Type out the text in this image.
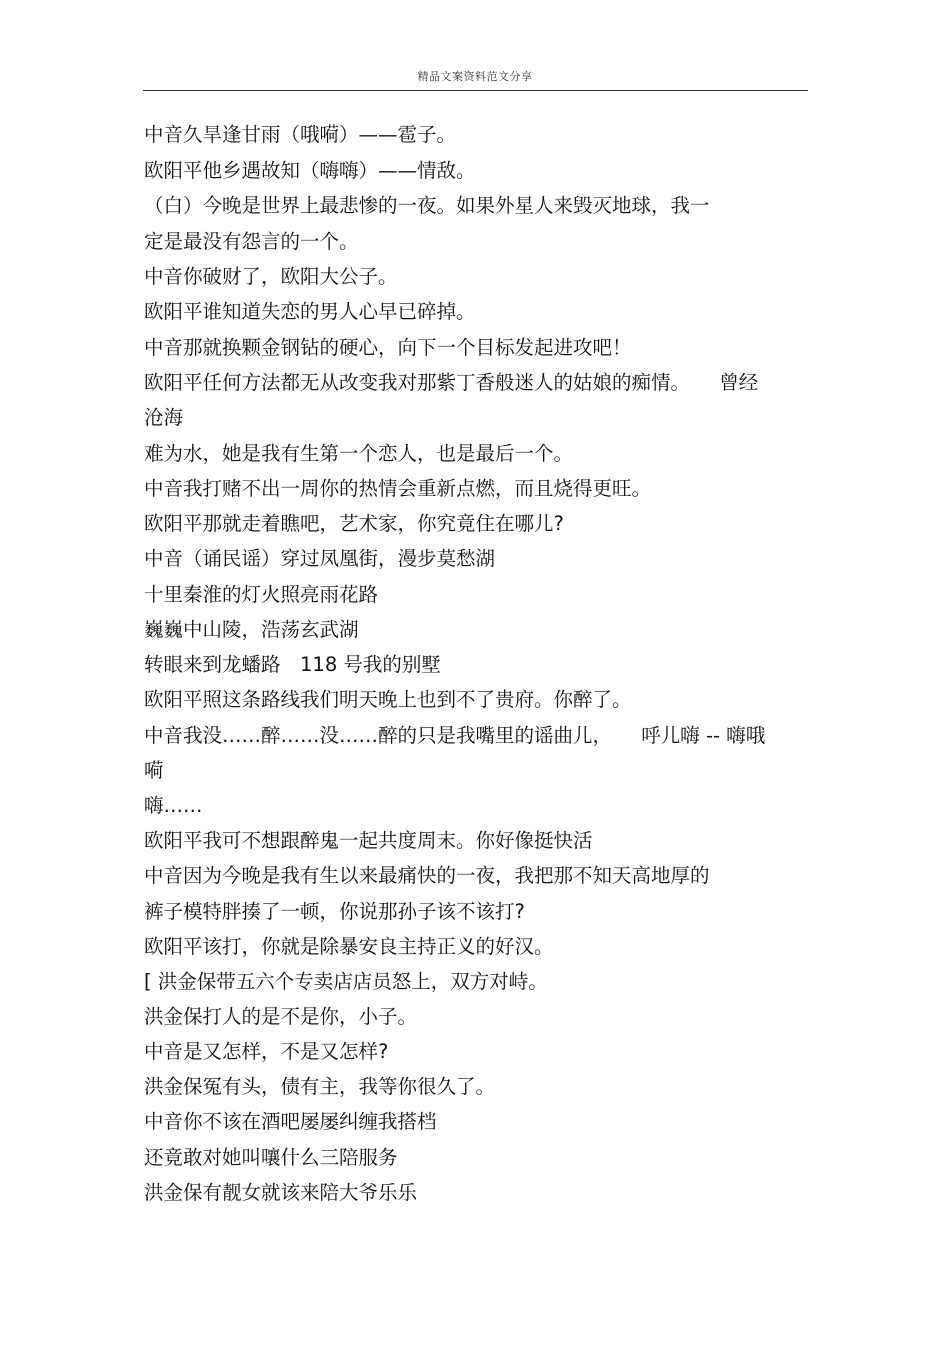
精品文案资料范文分享
中音久旱逢甘雨（哦嗬）——雹子。
欧阳平他乡遇故知（嗨嗨）——情敌。
（白）今晚是世界上最悲惨的一夜。如果外星人来毁灭地球，我一
定是最没有怨言的一个。
中音你破财了，欧阳大公子。
欧阳平谁知道失恋的男人心早已碎掉。
中音那就换颗金钢钻的硬心，向下一个目标发起进攻吧！
欧阳平任何方法都无从改变我对那紫丁香般迷人的姑娘的痴情。　　曾经
沧海
难为水，她是我有生第一个恋人，也是最后一个。
中音我打赌不出一周你的热情会重新点燃，而且烧得更旺。
欧阳平那就走着瞧吧，艺术家，你究竟住在哪儿?
中音（诵民谣）穿过凤凰街，漫步莫愁湖
十里秦淮的灯火照亮雨花路
巍巍中山陵，浩荡玄武湖
转眼来到龙蟠路　118 号我的别墅
欧阳平照这条路线我们明天晚上也到不了贵府。你醉了。
中音我没……醉……没……醉的只是我嘴里的谣曲儿，　　呼儿嗨 -- 嗨哦
嗬
嗨……
欧阳平我可不想跟醉鬼一起共度周末。你好像挺快活
中音因为今晚是我有生以来最痛快的一夜，我把那不知天高地厚的
裤子模特胖揍了一顿，你说那孙子该不该打?
欧阳平该打，你就是除暴安良主持正义的好汉。
[ 洪金保带五六个专卖店店员怒上，双方对峙。
洪金保打人的是不是你，小子。
中音是又怎样，不是又怎样?
洪金保冤有头，债有主，我等你很久了。
中音你不该在酒吧屡屡纠缠我搭档
还竟敢对她叫嚷什么三陪服务
洪金保有靓女就该来陪大爷乐乐
